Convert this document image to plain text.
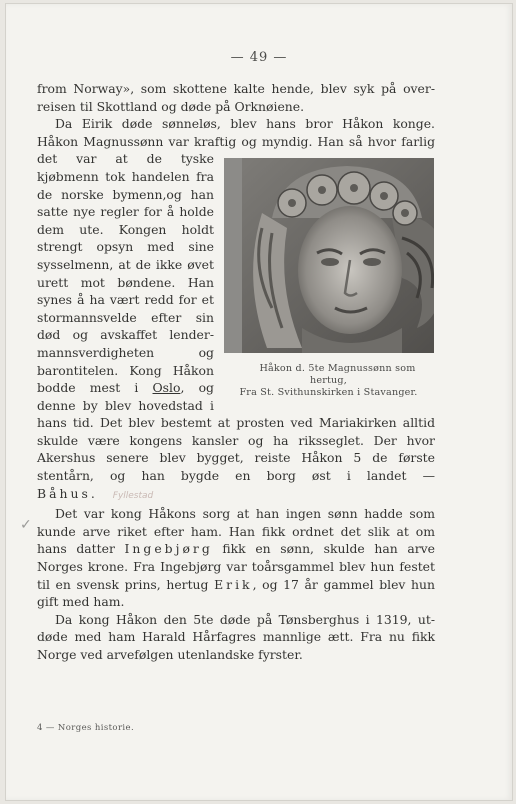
— 49 —

from Norway», som skottene kalte hende, blev syk på overreisen til Skottland og døde på Orknøiene.

Da Eirik døde sønneløs, blev hans bror Håkon konge. Håkon Magnussønn var kraftig og myndig. Han så hvor farlig det var
Håkon d. 5te Magnussønn som hertug,
Fra St. Svithunskirken i Stavanger.
at de tyske kjøbmenn tok handelen fra de norske bymenn,og han satte nye regler for å holde dem ute. Kongen holdt strengt opsyn med sine sysselmenn, at de ikke øvet urett mot bøndene. Han synes å ha vært redd for et stormannsvelde efter sin død og avskaffet lendermannsverdigheten og barontitelen. Kong Håkon bodde mest i Oslo, og denne by blev hovedstad i hans tid. Det blev bestemt at prosten ved Mariakirken alltid skulde være kongens kansler og ha riksseglet. Der hvor Akershus senere blev bygget, reiste Håkon 5 de første stentårn, og han bygde en borg øst i landet — Båhus. Fyllestad

Det var kong Håkons sorg at han ingen sønn hadde som kunde arve riket efter ham. Han fikk ordnet det slik at om hans datter Ingebjørg fikk en sønn, skulde han arve Norges krone. Fra Ingebjørg var toårsgammel blev hun festet til en svensk prins, hertug Erik, og 17 år gammel blev hun gift med ham.

Da kong Håkon den 5te døde på Tønsberghus i 1319, utdøde med ham Harald Hårfagres mannlige ætt. Fra nu fikk Norge ved arvefølgen utenlandske fyrster.

✓
4 — Norges historie.
